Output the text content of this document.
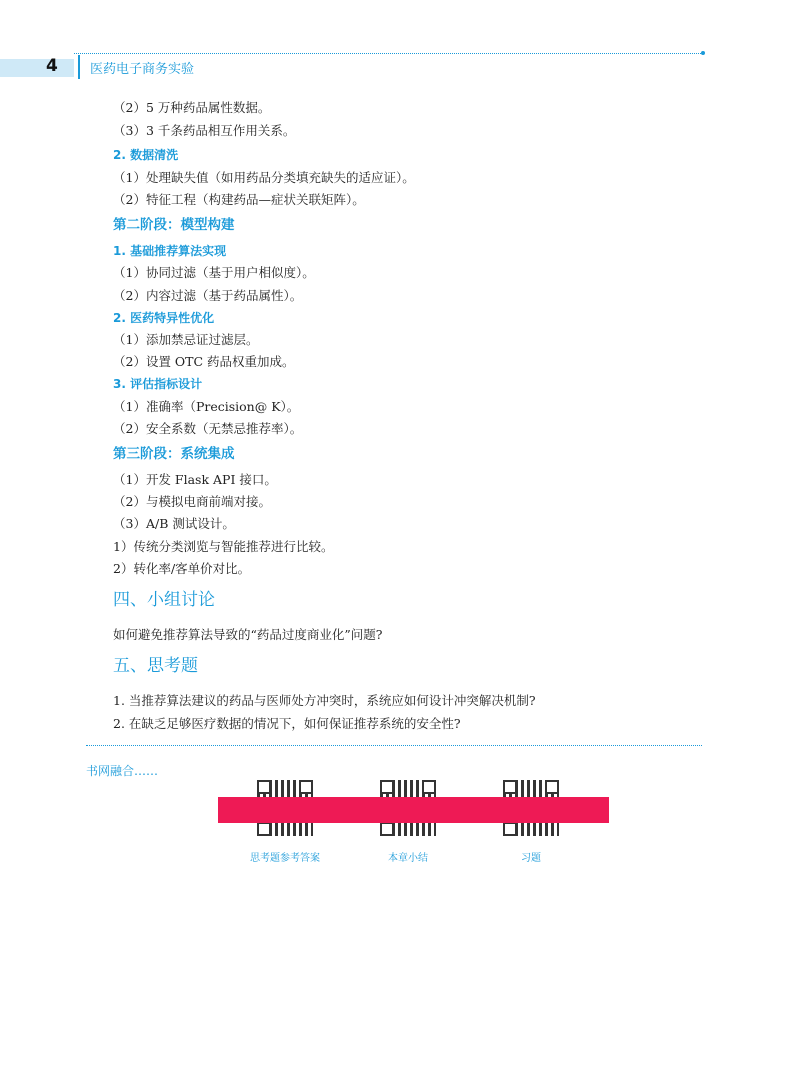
4 医药电子商务实验
（2）5 万种药品属性数据。
（3）3 千条药品相互作用关系。
2. 数据清洗
（1）处理缺失值（如用药品分类填充缺失的适应证）。
（2）特征工程（构建药品—症状关联矩阵）。
第二阶段：模型构建
1. 基础推荐算法实现
（1）协同过滤（基于用户相似度）。
（2）内容过滤（基于药品属性）。
2. 医药特异性优化
（1）添加禁忌证过滤层。
（2）设置 OTC 药品权重加成。
3. 评估指标设计
（1）准确率（Precision@ K）。
（2）安全系数（无禁忌推荐率）。
第三阶段：系统集成
（1）开发 Flask API 接口。
（2）与模拟电商前端对接。
（3）A/B 测试设计。
1）传统分类浏览与智能推荐进行比较。
2）转化率/客单价对比。
四、小组讨论
如何避免推荐算法导致的“药品过度商业化”问题?
五、思考题
1. 当推荐算法建议的药品与医师处方冲突时，系统应如何设计冲突解决机制?
2. 在缺乏足够医疗数据的情况下，如何保证推荐系统的安全性?
书网融合……
思考题参考答案	本章小结	习题
